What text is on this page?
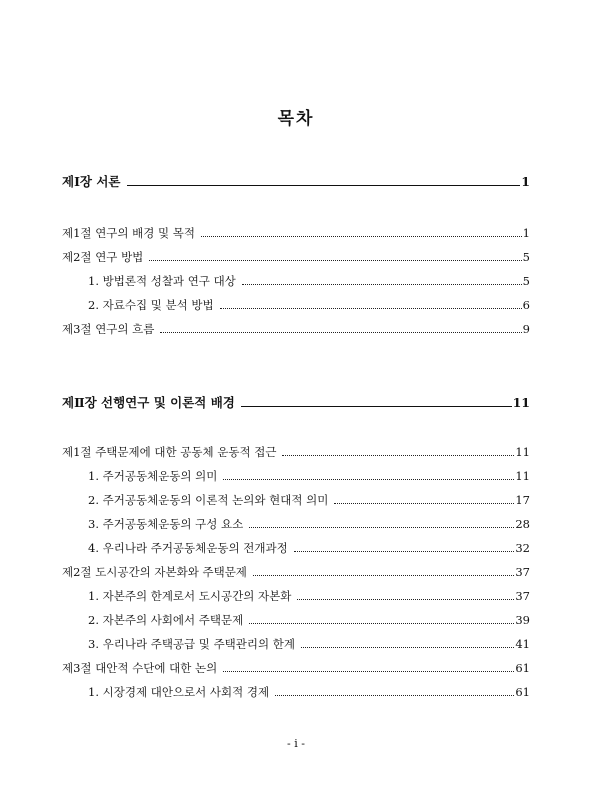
목차
제Ⅰ장 서론	1
제1절 연구의 배경 및 목적	1
제2절 연구 방법	5
1. 방법론적 성찰과 연구 대상	5
2. 자료수집 및 분석 방법	6
제3절 연구의 흐름	9
제Ⅱ장 선행연구 및 이론적 배경	11
제1절 주택문제에 대한 공동체 운동적 접근	11
1. 주거공동체운동의 의미	11
2. 주거공동체운동의 이론적 논의와 현대적 의미	17
3. 주거공동체운동의 구성 요소	28
4. 우리나라 주거공동체운동의 전개과정	32
제2절 도시공간의 자본화와 주택문제	37
1. 자본주의 한계로서 도시공간의 자본화	37
2. 자본주의 사회에서 주택문제	39
3. 우리나라 주택공급 및 주택관리의 한계	41
제3절 대안적 수단에 대한 논의	61
1. 시장경제 대안으로서 사회적 경제	61
- i -
